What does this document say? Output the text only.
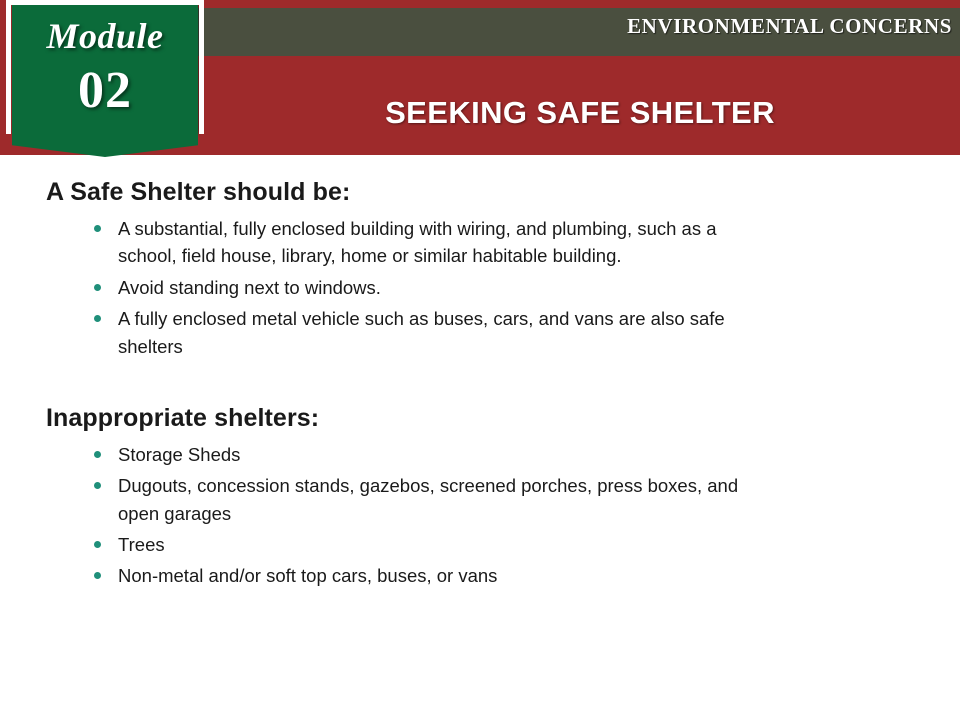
ENVIRONMENTAL CONCERNS
SEEKING SAFE SHELTER
Module
02
A Safe Shelter should be:
A substantial, fully enclosed building with wiring, and plumbing, such as a school, field house, library, home or similar habitable building.
Avoid standing next to windows.
A fully enclosed metal vehicle such as buses, cars, and vans are also safe shelters
Inappropriate shelters:
Storage Sheds
Dugouts, concession stands, gazebos, screened porches, press boxes, and open garages
Trees
Non-metal and/or soft top cars, buses, or vans
